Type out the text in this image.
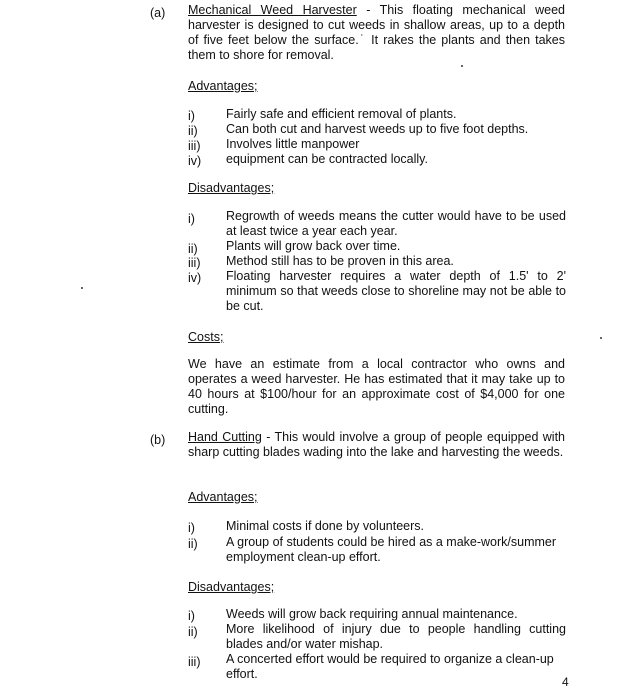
(a) Mechanical Weed Harvester - This floating mechanical weed harvester is designed to cut weeds in shallow areas, up to a depth of five feet below the surface.˙ It rakes the plants and then takes them to shore for removal.
Advantages;
i) Fairly safe and efficient removal of plants.
ii) Can both cut and harvest weeds up to five foot depths.
iii) Involves little manpower
iv) equipment can be contracted locally.
Disadvantages;
i) Regrowth of weeds means the cutter would have to be used at least twice a year each year.
ii) Plants will grow back over time.
iii) Method still has to be proven in this area.
iv) Floating harvester requires a water depth of 1.5' to 2' minimum so that weeds close to shoreline may not be able to be cut.
Costs;
We have an estimate from a local contractor who owns and operates a weed harvester. He has estimated that it may take up to 40 hours at $100/hour for an approximate cost of $4,000 for one cutting.
(b) Hand Cutting - This would involve a group of people equipped with sharp cutting blades wading into the lake and harvesting the weeds.
Advantages;
i) Minimal costs if done by volunteers.
ii) A group of students could be hired as a make-work/summer employment clean-up effort.
Disadvantages;
i) Weeds will grow back requiring annual maintenance.
ii) More likelihood of injury due to people handling cutting blades and/or water mishap.
iii) A concerted effort would be required to organize a clean-up effort.
4
